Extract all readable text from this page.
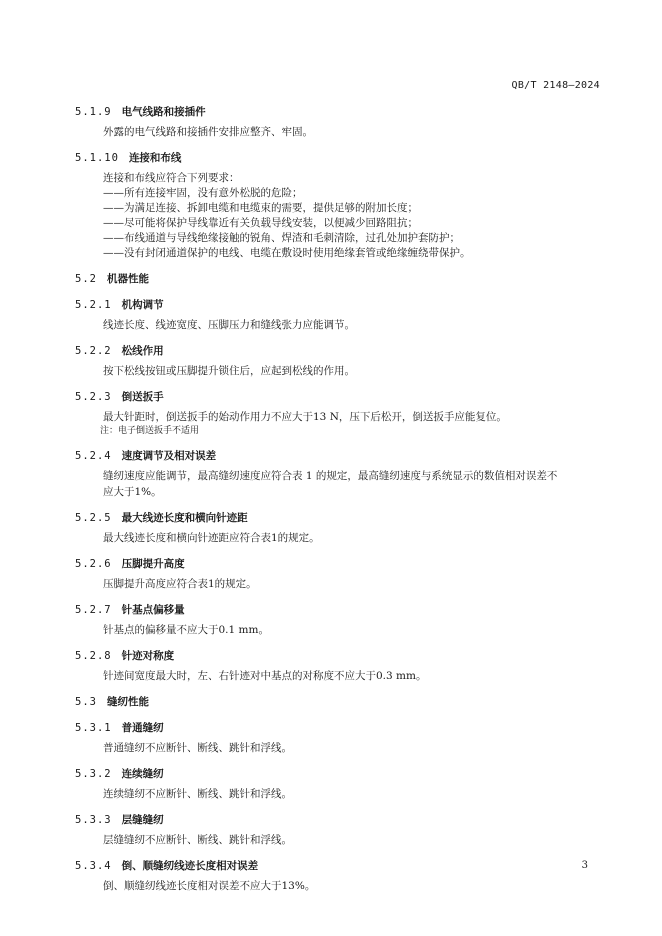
QB/T 2148—2024
5.1.9 电气线路和接插件

外露的电气线路和接插件安排应整齐、牢固。

5.1.10 连接和布线

连接和布线应符合下列要求：

——所有连接牢固，没有意外松脱的危险；

——为满足连接、拆卸电缆和电缆束的需要，提供足够的附加长度；

——尽可能将保护导线靠近有关负载导线安装，以便减少回路阻抗；

——布线通道与导线绝缘接触的锐角、焊渣和毛刺清除，过孔处加护套防护；

——没有封闭通道保护的电线、电缆在敷设时使用绝缘套管或绝缘缠绕带保护。

5.2 机器性能
5.2.1 机构调节

线迹长度、线迹宽度、压脚压力和缝线张力应能调节。

5.2.2 松线作用

按下松线按钮或压脚提升锁住后，应起到松线的作用。

5.2.3 倒送扳手

最大针距时，倒送扳手的始动作用力不应大于13 N，压下后松开，倒送扳手应能复位。

注：电子倒送扳手不适用

5.2.4 速度调节及相对误差

缝纫速度应能调节，最高缝纫速度应符合表 1 的规定，最高缝纫速度与系统显示的数值相对误差不

应大于1%。

5.2.5 最大线迹长度和横向针迹距

最大线迹长度和横向针迹距应符合表1的规定。

5.2.6 压脚提升高度

压脚提升高度应符合表1的规定。

5.2.7 针基点偏移量

针基点的偏移量不应大于0.1 mm。

5.2.8 针迹对称度

针迹间宽度最大时，左、右针迹对中基点的对称度不应大于0.3 mm。

5.3 缝纫性能
5.3.1 普通缝纫

普通缝纫不应断针、断线、跳针和浮线。

5.3.2 连续缝纫

连续缝纫不应断针、断线、跳针和浮线。

5.3.3 层缝缝纫

层缝缝纫不应断针、断线、跳针和浮线。

5.3.4 倒、顺缝纫线迹长度相对误差

倒、顺缝纫线迹长度相对误差不应大于13%。

3
